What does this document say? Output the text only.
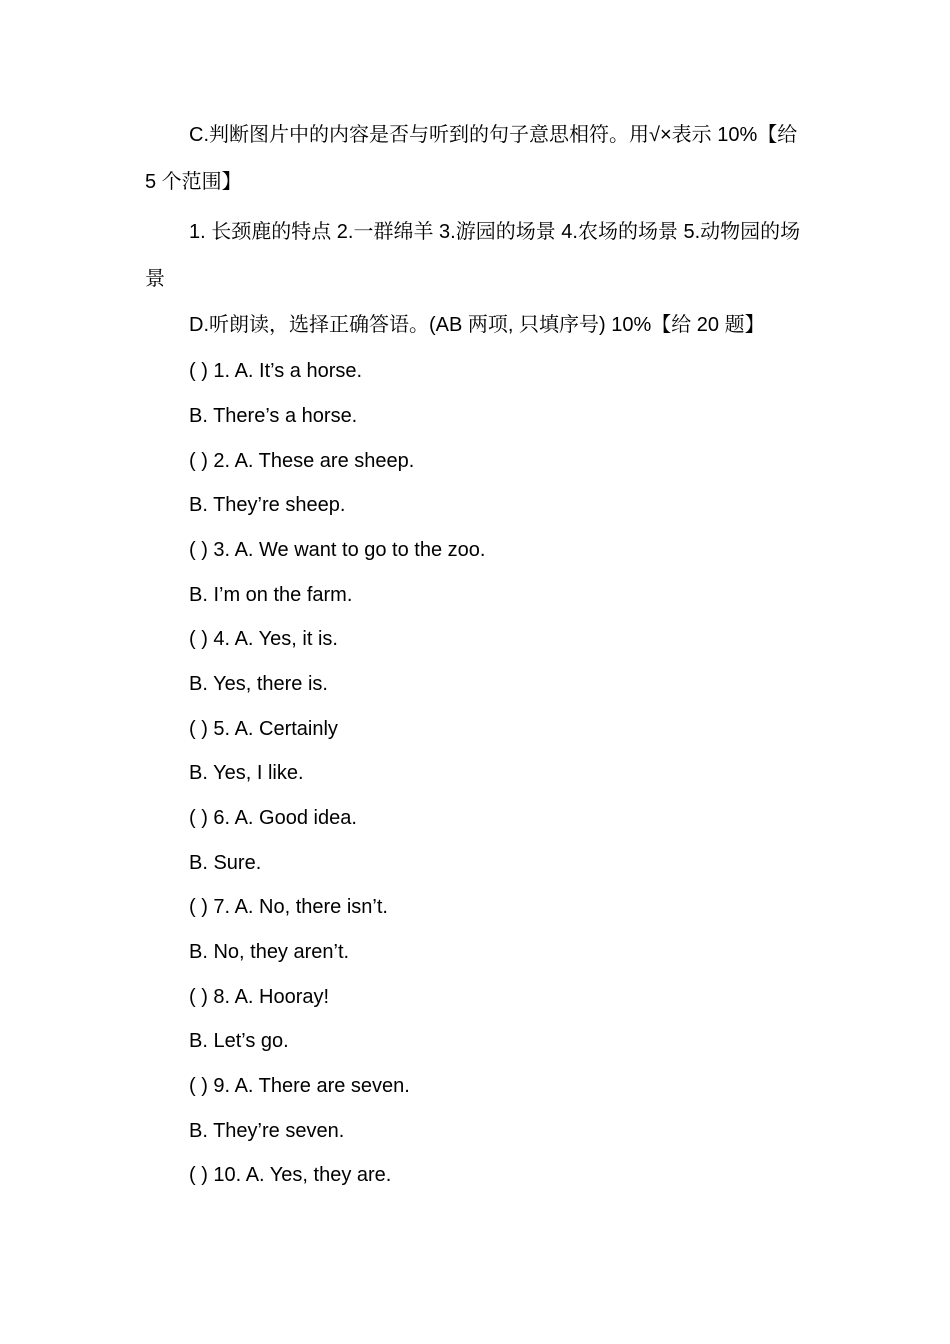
C.判断图片中的内容是否与听到的句子意思相符。用√×表示 10%【给 5 个范围】

1. 长颈鹿的特点 2.一群绵羊 3.游园的场景 4.农场的场景 5.动物园的场景

D.听朗读，选择正确答语。(AB 两项, 只填序号) 10%【给 20 题】

( ) 1. A. It’s a horse.

B. There’s a horse.

( ) 2. A. These are sheep.

B. They’re sheep.

( ) 3. A. We want to go to the zoo.

B. I’m on the farm.

( ) 4. A. Yes, it is.

B. Yes, there is.

( ) 5. A. Certainly

B. Yes, I like.

( ) 6. A. Good idea.

B. Sure.

( ) 7. A. No, there isn’t.

B. No, they aren’t.

( ) 8. A. Hooray!

B. Let’s go.

( ) 9. A. There are seven.

B. They’re seven.

( ) 10. A. Yes, they are.
